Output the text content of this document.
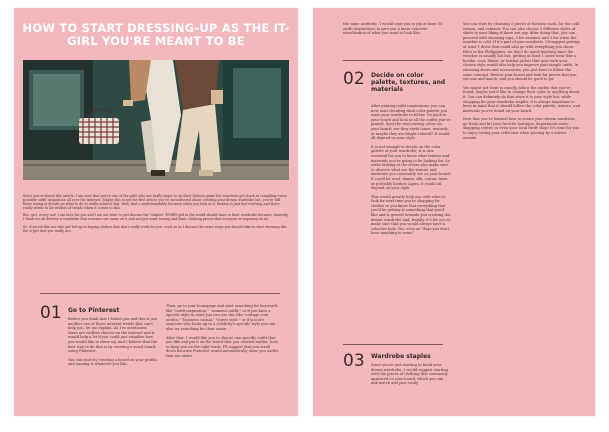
HOW TO START DRESSING-UP AS THE IT-GIRL YOU'RE MEANT TO BE

Since you've found this article, I am sure that you're one of the girls who are really eager to up their fashion game but somehow get stuck in compiling every possible outfit inspiration all over the internet. Maybe this is not the first article you've encountered about creating your dream wardrobe but, you're still there trying to decide on what to do to really achieve this. Well, that's understandable because when you look at it, fashion is just fast-evolving and there really seems to be endless of trends when it comes to this.

But, girl, worry not! I am here for you and I am not here to just discuss the "staples" EVERY girl in the world should have in their wardrobe because, honestly, I think we all deserve a wardrobe that screams our name on it and not just some boring and basic clothing pieces that everyone is imposing on us.

So, if you're like me who got fed up in buying clothes that don't really work for you, read on as I discuss the exact steps you should take to start dressing like the it-girl that you really are.

01 Go to Pinterest

Before you think that I fooled you and this is just another one of those internet trends that can't help you, let me explain. As I've mentioned, there are endless choices on the internet and it would help a lot if you could just visualize how you would like to dress up, and I believe that the best way to do that is by creating a mood board using Pinterest.

You can start by creating a board on your profile, and naming it whatever you like.

Then, go to your homepage and start searching for keywords like "outfit inspiration," "women's outfit," or if you have a specific style in mind you can use this like "cottage core outfits," "business casual," "street style," or if you are someone who looks up to a celebrity's specific style you can also try searching for their name.

After that, I would like you to choose one specific outfit that you like and pin it on the board that you created earlier. Now, to keep you on the right track, I'll suggest that you scroll down because Pinterest would automatically show you outfits that are under

the same aesthetic. I would urge you to pin at least 50 outfit inspirations to give you a more concrete visualization of what you want to look like.

02 Decide on color palette, textures, and materials

After pinning outfit inspirations, you can now start deciding what color palette you want your wardrobe to follow. Go back to your board and look at all the outfits you've pinned. Spot the reoccurring colors on your board; are they earth tones, neutrals, or maybe they are bright-colored? It would all depend on your style.

It is not enough to decide on the color palette of your wardrobe; it is also essential for you to know what texture and materials you're going to be looking for. So while looking at the colors also make sure to observe what are the texture and materials you constantly see on your board. It could be wool, denim, silk, cotton, linen, or probably leather. Again, it would all depend on your style.

This would greatly help you with what to look for next time you're shopping for clothes so you know that everything that you'd be getting is something that you'd like and is geared towards you creating the dream wardrobe and, frankly, it's for you to make sure that you would always have a cohesive look. Yes, even on "days you don't have anything to wear."

03 Wardrobe staples

Since you're just starting to build your dream wardrobe, I would suggest starting with the pieces of clothing that commonly appeared on your board, which you can mix-match and pair easily

You can start by choosing 3 pieces of bottoms each, for the cold season, and summer. You can also choose 3 different styles of skirts to your liking if there are any. After doing that, you can proceed with choosing tops, 3 for summer, and 3 for when the weather is cold. If it's part of your aesthetic, I'd suggest getting at least 1 dress that could also go with everything you chose. Here in the Philippines, we don't do much layering since the weather is usually hot but, getting at least 1 outer-wear like a hoodie, coat, blazer, or leather jacket that goes with your chosen style would also help you improve your simple outfit. In choosing shoes and accessories, you just have to follow the same concept. Review your board and look for pieces that you see mix and match, and you should be good to go!

You might not want to exactly follow the outfits that you've found; maybe you'd like to change their color or anything about it. You can definitely do that since it is your style but, while shopping for your wardrobe staples, it is always important to keep in mind that it should follow the color palette, texture, and materials you've found on your board.

Now that you've learned how to create your dream wardrobe, go fresh and hit your favorite boutique, department store, shopping center, or even your local thrift shop! It's time for you to enjoy seeing your reflection when passing by a mirror outside.
